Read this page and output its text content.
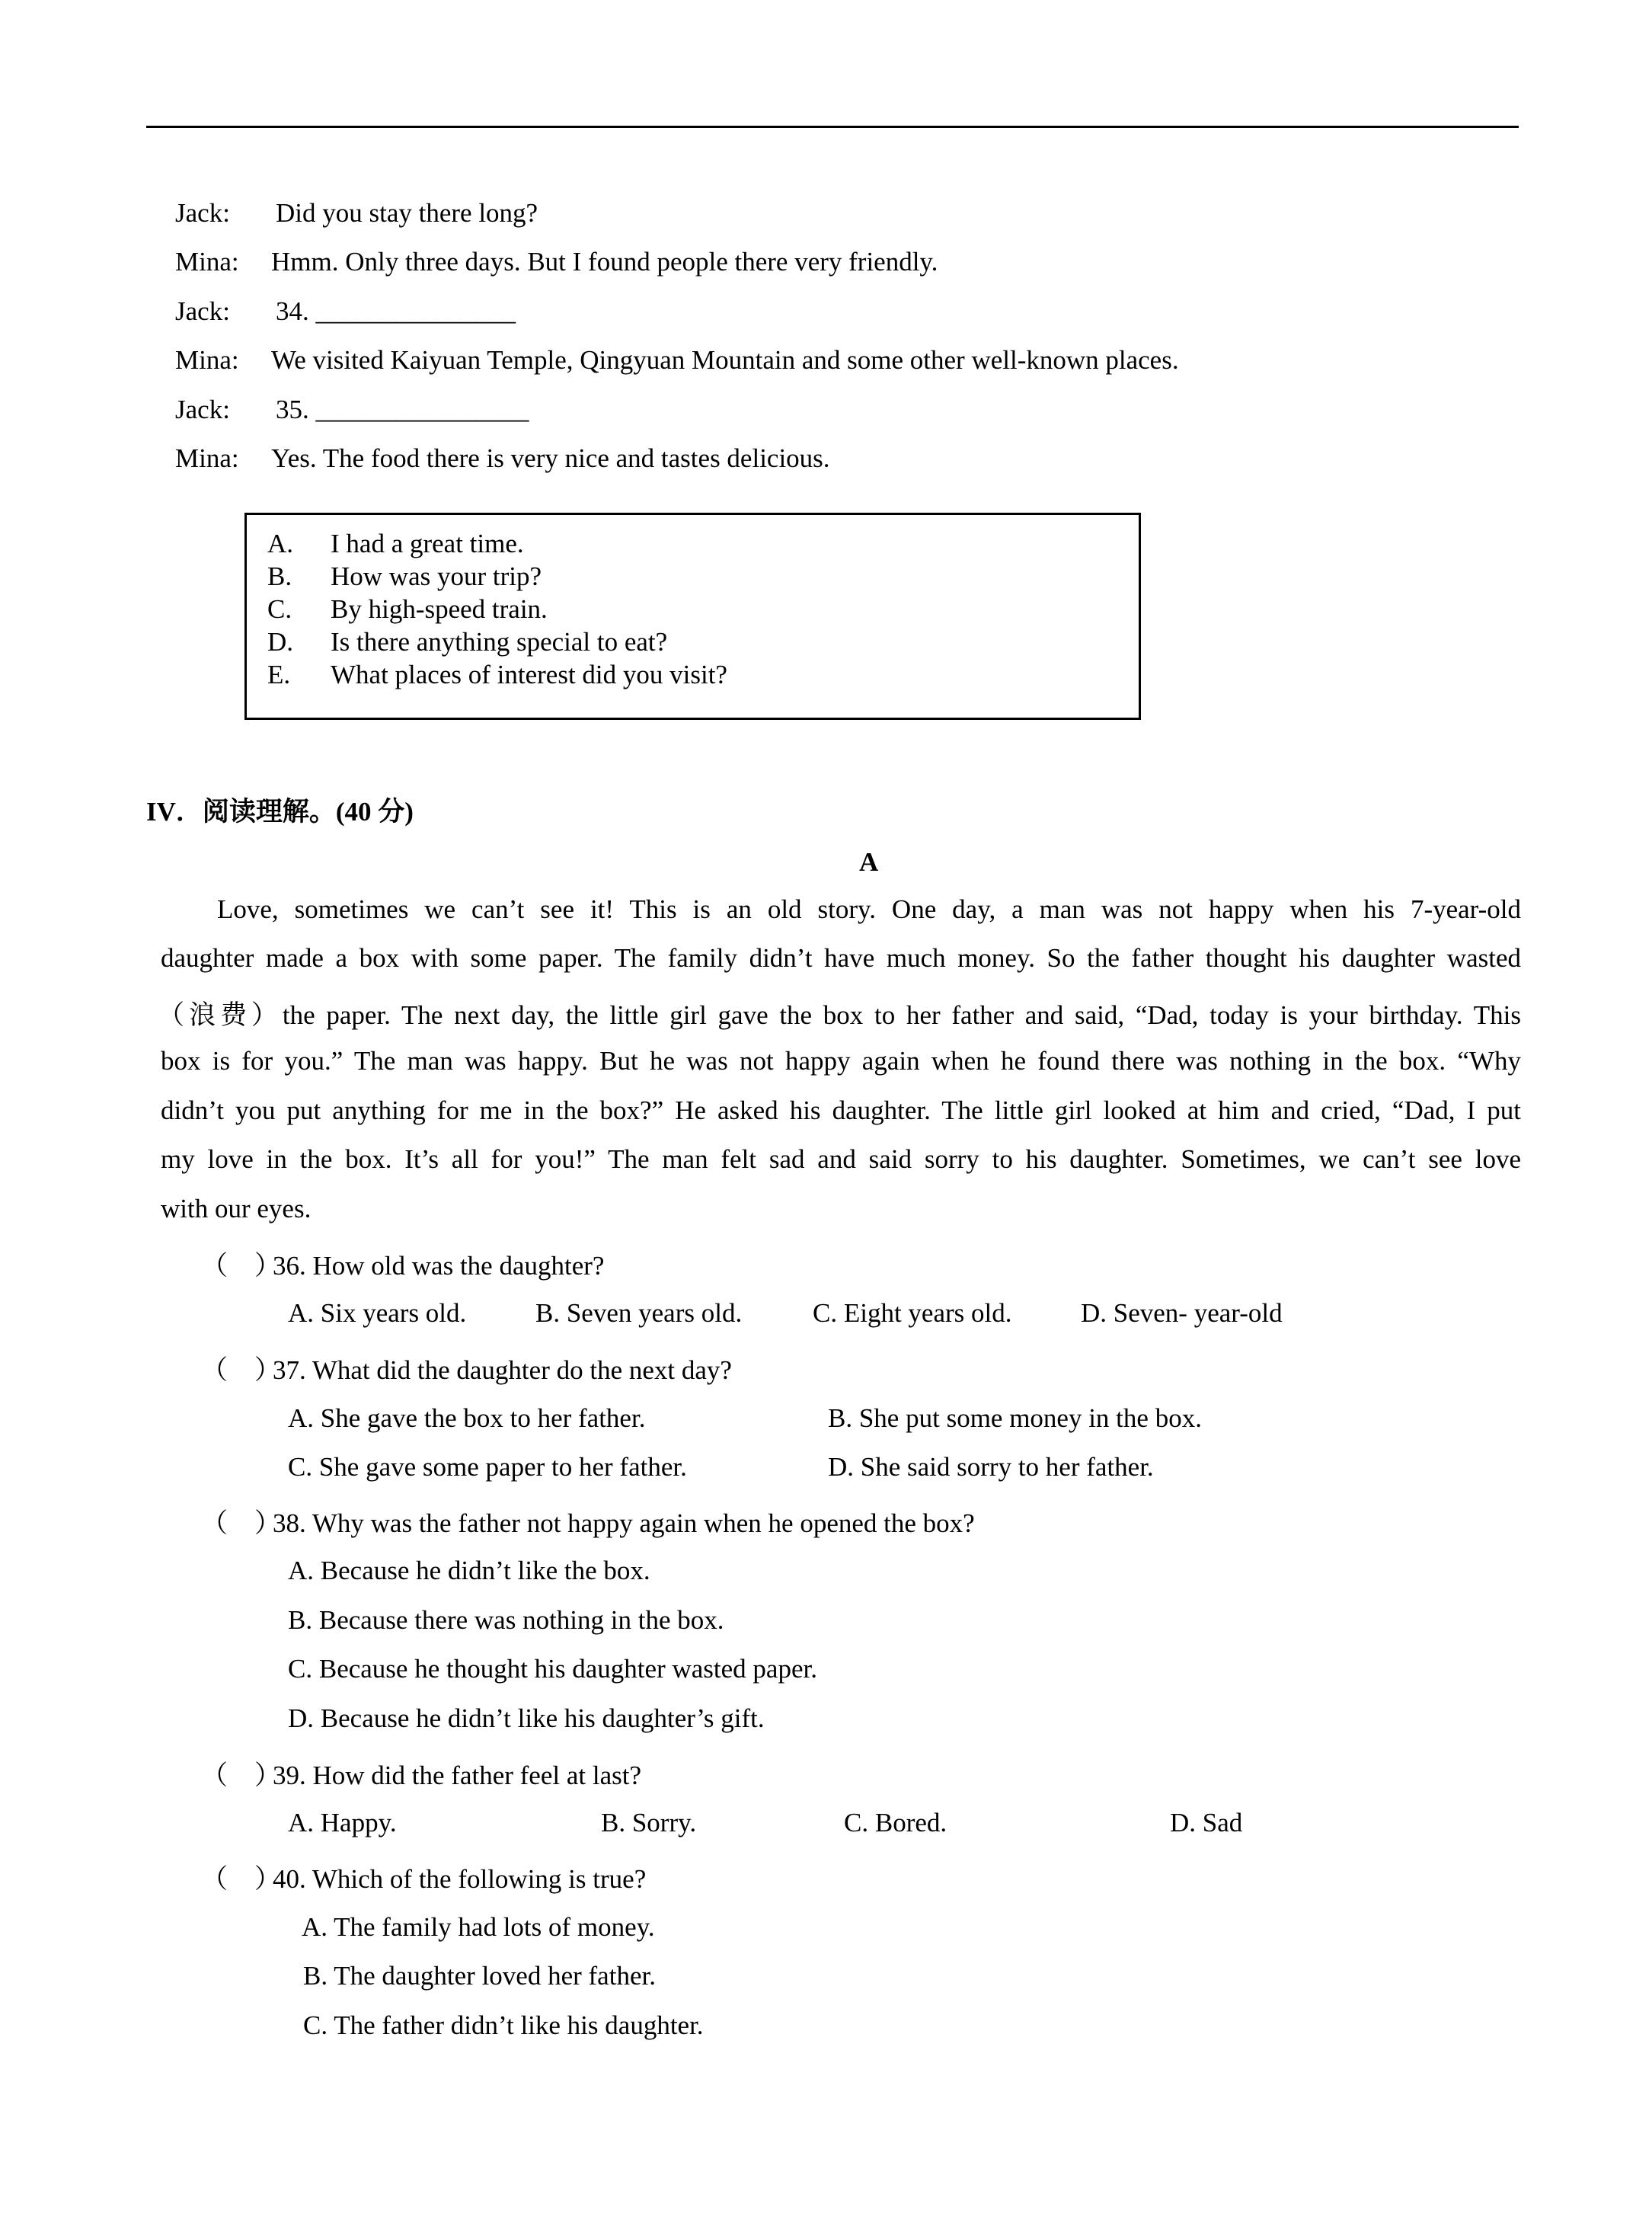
Jack: Did you stay there long?
Mina: Hmm. Only three days. But I found people there very friendly.
Jack: 34. _______________
Mina: We visited Kaiyuan Temple, Qingyuan Mountain and some other well-known places.
Jack: 35. ________________
Mina: Yes. The food there is very nice and tastes delicious.
A. I had a great time.
B. How was your trip?
C. By high-speed train.
D. Is there anything special to eat?
E. What places of interest did you visit?
IV．阅读理解。(40 分)
A
Love, sometimes we can’t see it! This is an old story. One day, a man was not happy when his 7-year-old
daughter made a box with some paper. The family didn’t have much money. So the father thought his daughter wasted
（浪费）the paper. The next day, the little girl gave the box to her father and said, “Dad, today is your birthday. This
box is for you.” The man was happy. But he was not happy again when he found there was nothing in the box. “Why
didn’t you put anything for me in the box?” He asked his daughter. The little girl looked at him and cried, “Dad, I put
my love in the box. It’s all for you!” The man felt sad and said sorry to his daughter. Sometimes, we can’t see love
with our eyes.
（　）36. How old was the daughter?
A. Six years old.	B. Seven years old.	C. Eight years old.	D. Seven- year-old
（　）37. What did the daughter do the next day?
A. She gave the box to her father.	B. She put some money in the box.
C. She gave some paper to her father.	D. She said sorry to her father.
（　）38. Why was the father not happy again when he opened the box?
A. Because he didn’t like the box.
B. Because there was nothing in the box.
C. Because he thought his daughter wasted paper.
D. Because he didn’t like his daughter’s gift.
（　）39. How did the father feel at last?
A. Happy.	B. Sorry.	C. Bored.	D. Sad
（　）40. Which of the following is true?
A. The family had lots of money.
B. The daughter loved her father.
C. The father didn’t like his daughter.
